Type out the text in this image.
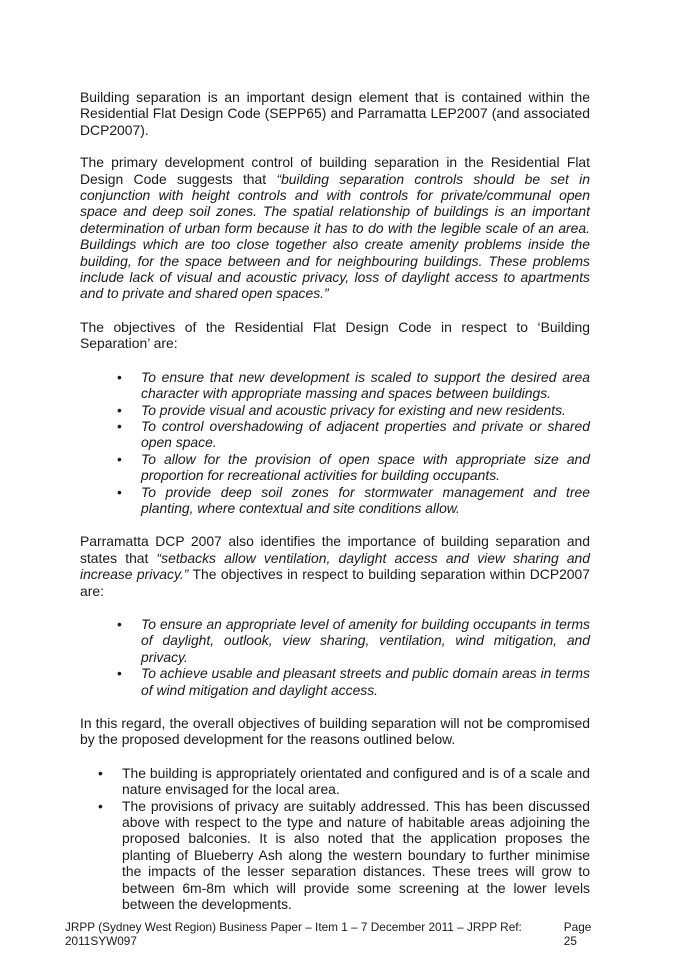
Building separation is an important design element that is contained within the Residential Flat Design Code (SEPP65) and Parramatta LEP2007 (and associated DCP2007).

The primary development control of building separation in the Residential Flat Design Code suggests that “building separation controls should be set in conjunction with height controls and with controls for private/communal open space and deep soil zones. The spatial relationship of buildings is an important determination of urban form because it has to do with the legible scale of an area. Buildings which are too close together also create amenity problems inside the building, for the space between and for neighbouring buildings. These problems include lack of visual and acoustic privacy, loss of daylight access to apartments and to private and shared open spaces.”

The objectives of the Residential Flat Design Code in respect to ‘Building Separation’ are:

•	To ensure that new development is scaled to support the desired area character with appropriate massing and spaces between buildings.
•	To provide visual and acoustic privacy for existing and new residents.
•	To control overshadowing of adjacent properties and private or shared open space.
•	To allow for the provision of open space with appropriate size and proportion for recreational activities for building occupants.
•	To provide deep soil zones for stormwater management and tree planting, where contextual and site conditions allow.

Parramatta DCP 2007 also identifies the importance of building separation and states that “setbacks allow ventilation, daylight access and view sharing and increase privacy.” The objectives in respect to building separation within DCP2007 are:

•	To ensure an appropriate level of amenity for building occupants in terms of daylight, outlook, view sharing, ventilation, wind mitigation, and privacy.
•	To achieve usable and pleasant streets and public domain areas in terms of wind mitigation and daylight access.

In this regard, the overall objectives of building separation will not be compromised by the proposed development for the reasons outlined below.

•	The building is appropriately orientated and configured and is of a scale and nature envisaged for the local area.
•	The provisions of privacy are suitably addressed. This has been discussed above with respect to the type and nature of habitable areas adjoining the proposed balconies. It is also noted that the application proposes the planting of Blueberry Ash along the western boundary to further minimise the impacts of the lesser separation distances. These trees will grow to between 6m-8m which will provide some screening at the lower levels between the developments.
JRPP (Sydney West Region) Business Paper – Item 1 – 7 December 2011 – JRPP Ref: 2011SYW097
Page 25
